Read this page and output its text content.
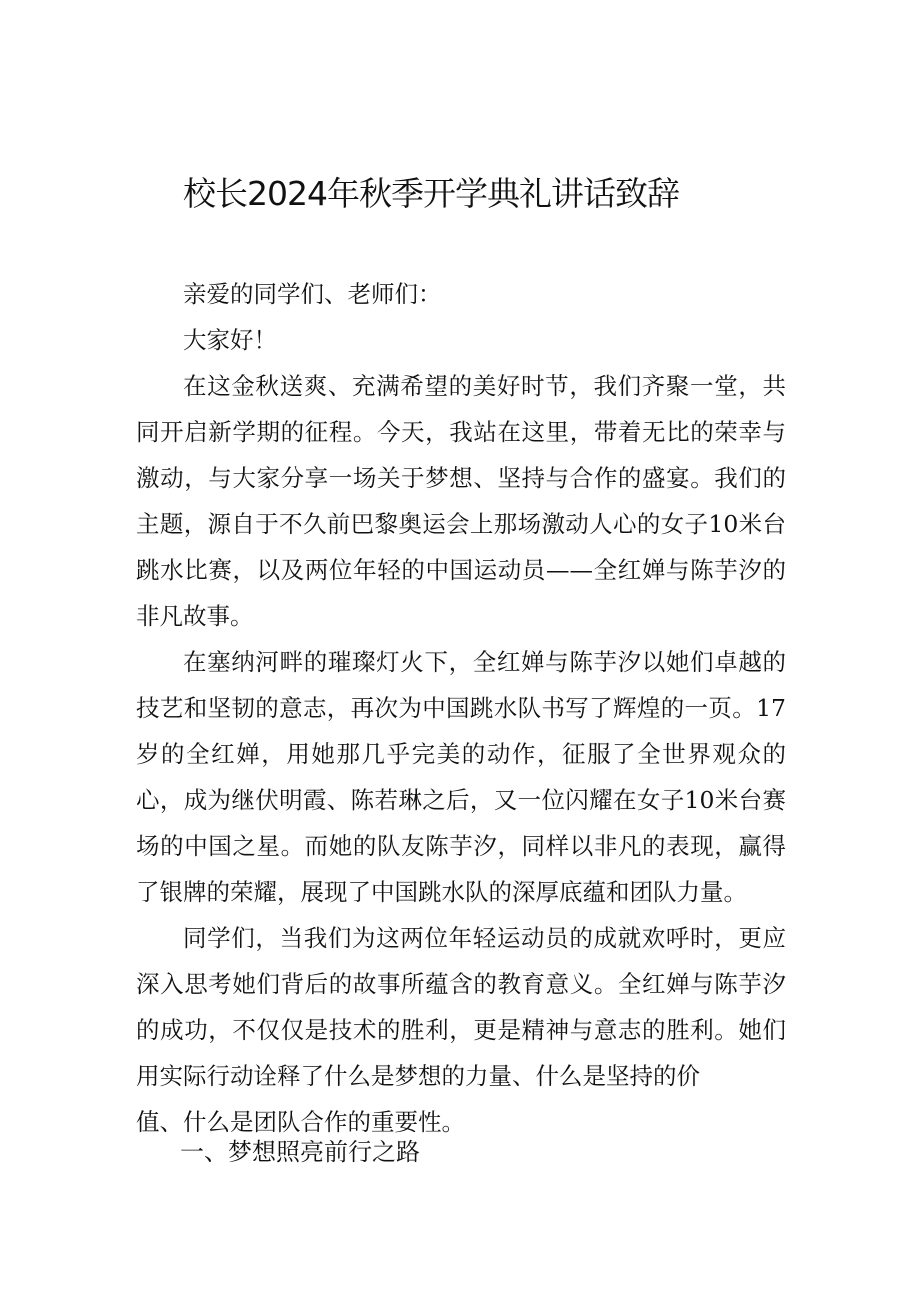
校长2024年秋季开学典礼讲话致辞

亲爱的同学们、老师们：

大家好！

在这金秋送爽、充满希望的美好时节，我们齐聚一堂，共同开启新学期的征程。今天，我站在这里，带着无比的荣幸与激动，与大家分享一场关于梦想、坚持与合作的盛宴。我们的主题，源自于不久前巴黎奥运会上那场激动人心的女子10米台跳水比赛，以及两位年轻的中国运动员——全红婵与陈芋汐的非凡故事。

在塞纳河畔的璀璨灯火下，全红婵与陈芋汐以她们卓越的技艺和坚韧的意志，再次为中国跳水队书写了辉煌的一页。17岁的全红婵，用她那几乎完美的动作，征服了全世界观众的心，成为继伏明霞、陈若琳之后，又一位闪耀在女子10米台赛场的中国之星。而她的队友陈芋汐，同样以非凡的表现，赢得了银牌的荣耀，展现了中国跳水队的深厚底蕴和团队力量。

同学们，当我们为这两位年轻运动员的成就欢呼时，更应深入思考她们背后的故事所蕴含的教育意义。全红婵与陈芋汐的成功，不仅仅是技术的胜利，更是精神与意志的胜利。她们用实际行动诠释了什么是梦想的力量、什么是坚持的价
值、什么是团队合作的重要性。

一、梦想照亮前行之路
